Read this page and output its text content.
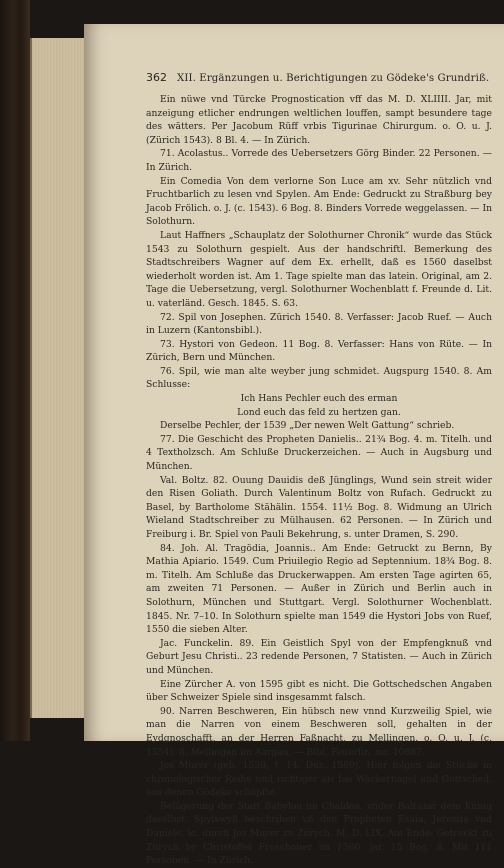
362 XII. Ergänzungen u. Berichtigungen zu Gödeke's Grundriß.

Ein nüwe vnd Türcke Prognostication vff das M. D. XLIIII. Jar, mit anzeigung etlicher endrungen weltlichen louffen, sampt besundere tage des wätters. Per Jacobum Rüff vrbis Tigurinae Chirurgum. o. O. u. J. (Zürich 1543). 8 Bl. 4. — In Zürich.

71. Acolastus.. Vorrede des Uebersetzers Görg Binder. 22 Personen. — In Zürich.

Ein Comedia Von dem verlorne Son Luce am xv. Sehr nützlich vnd Fruchtbarlich zu lesen vnd Spylen. Am Ende: Gedruckt zu Straßburg bey Jacob Frölich. o. J. (c. 1543). 6 Bog. 8. Binders Vorrede weggelassen. — In Solothurn.

Laut Haffners „Schauplatz der Solothurner Chronik“ wurde das Stück 1543 zu Solothurn gespielt. Aus der handschriftl. Bemerkung des Stadtschreibers Wagner auf dem Ex. erhellt, daß es 1560 daselbst wiederholt worden ist. Am 1. Tage spielte man das latein. Original, am 2. Tage die Uebersetzung, vergl. Solothurner Wochenblatt f. Freunde d. Lit. u. vaterländ. Gesch. 1845. S. 63.

72. Spil von Josephen. Zürich 1540. 8. Verfasser: Jacob Ruef. — Auch in Luzern (Kantonsbibl.).

73. Hystori von Gedeon. 11 Bog. 8. Verfasser: Hans von Rüte. — In Zürich, Bern und München.

76. Spil, wie man alte weyber jung schmidet. Augspurg 1540. 8. Am Schlusse:

Ich Hans Pechler euch des erman

Lond euch das feld zu hertzen gan.

Derselbe Pechler, der 1539 „Der newen Welt Gattung“ schrieb.

77. Die Geschicht des Propheten Danielis.. 21¾ Bog. 4. m. Titelh. und 4 Textholzsch. Am Schluße Druckerzeichen. — Auch in Augsburg und München.

Val. Boltz. 82. Ouung Dauidis deß Jünglings, Wund sein streit wider den Risen Goliath. Durch Valentinum Boltz von Rufach. Gedruckt zu Basel, by Bartholome Stähälin. 1554. 11½ Bog. 8. Widmung an Ulrich Wieland Stadtschreiber zu Mülhausen. 62 Personen. — In Zürich und Freiburg i. Br. Spiel von Pauli Bekehrung, s. unter Dramen, S. 290.

84. Joh. Al. Tragödia, Joannis.. Am Ende: Getruckt zu Bernn, By Mathia Apiario. 1549. Cum Priuilegio Regio ad Septennium. 18¾ Bog. 8. m. Titelh. Am Schluße das Druckerwappen. Am ersten Tage agirten 65, am zweiten 71 Personen. — Außer in Zürich und Berlin auch in Solothurn, München und Stuttgart. Vergl. Solothurner Wochenblatt. 1845. Nr. 7–10. In Solothurn spielte man 1549 die Hystori Jobs von Ruef, 1550 die sieben Alter.

Jac. Funckelin. 89. Ein Geistlich Spyl von der Empfengknuß vnd Geburt Jesu Christi.. 23 redende Personen, 7 Statisten. — Auch in Zürich und München.

Eine Zürcher A. von 1595 gibt es nicht. Die Gottschedschen Angaben über Schweizer Spiele sind insgesammt falsch.

90. Narren Beschweren, Ein hübsch new vnnd Kurzweilig Spiel, wie man die Narren von einem Beschweren soll, gehalten in der Eydgnoschafft, an der Herren Faßnacht, zu Mellingen. o. O. u. J. (c. 1554). 8. Mellingen im Aargau. — Bibl. Feuerlin. no. 10887.

Jos Murer (geb. 1530, † 14. Dez. 1580). Hier folgen die Stücke in chronologischer Reihe und richtiger als bei Wackernagel und Gottsched, aus denen Gödeke schöpfte.

Belägerung der Statt Babylon im Chaldea, vnder Baltazar dem Künig daselbst. Spylswyß beschriben vß den Propheten Esaia, Jeremia vnd Daniele, ic. durch Jos Murer zu Zürych. M. D. LIX. Am Ende: Getruckt zu Zürych by Christoffel Froschouer im 1560. jar. 15 Bog. 8. Mit 111 Personen. — In Zürich.
